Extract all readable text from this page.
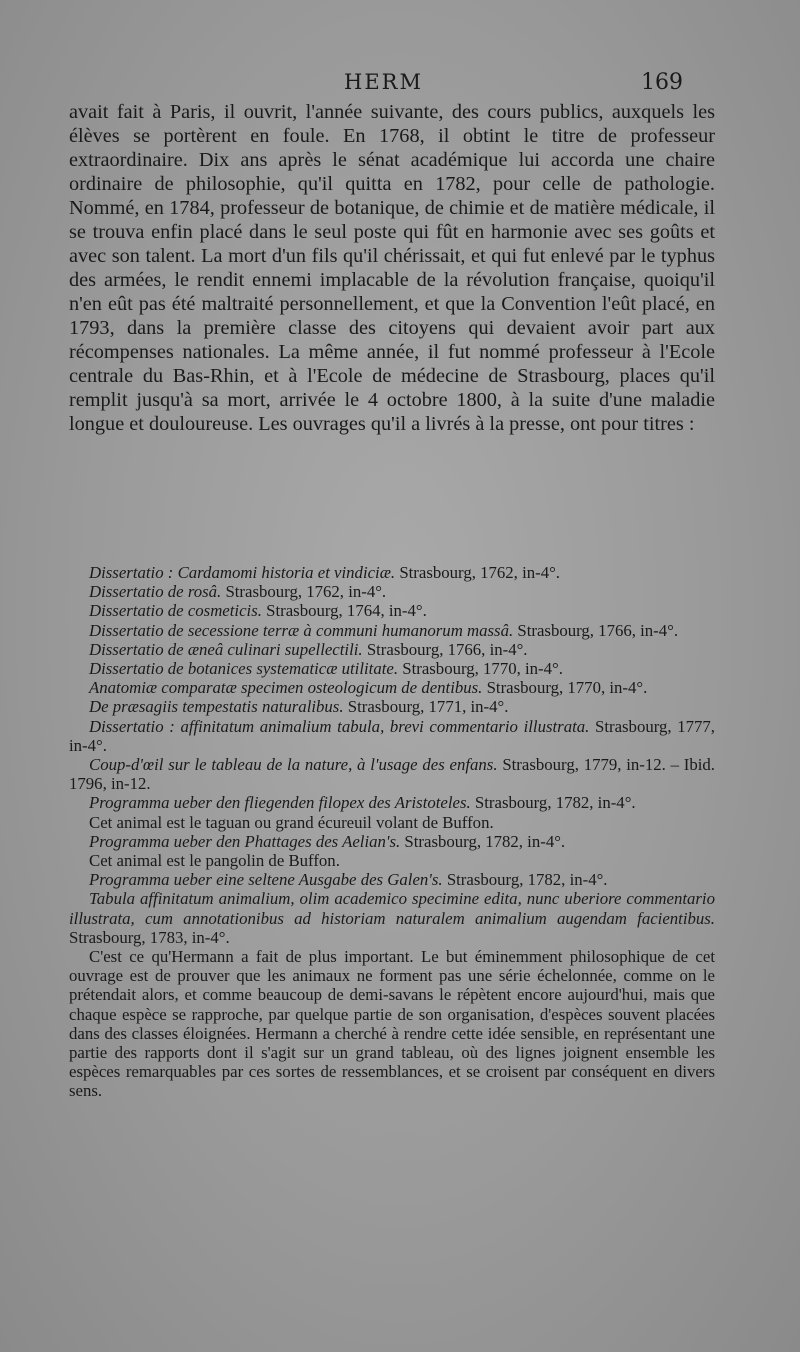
HERM	169

avait fait à Paris, il ouvrit, l'année suivante, des cours publics, auxquels les élèves se portèrent en foule. En 1768, il obtint le titre de professeur extraordinaire. Dix ans après le sénat académique lui accorda une chaire ordinaire de philosophie, qu'il quitta en 1782, pour celle de pathologie. Nommé, en 1784, professeur de botanique, de chimie et de matière médicale, il se trouva enfin placé dans le seul poste qui fût en harmonie avec ses goûts et avec son talent. La mort d'un fils qu'il chérissait, et qui fut enlevé par le typhus des armées, le rendit ennemi implacable de la révolution française, quoiqu'il n'en eût pas été maltraité personnellement, et que la Convention l'eût placé, en 1793, dans la première classe des citoyens qui devaient avoir part aux récompenses nationales. La même année, il fut nommé professeur à l'Ecole centrale du Bas-Rhin, et à l'Ecole de médecine de Strasbourg, places qu'il remplit jusqu'à sa mort, arrivée le 4 octobre 1800, à la suite d'une maladie longue et douloureuse. Les ouvrages qu'il a livrés à la presse, ont pour titres :

Dissertatio : Cardamomi historia et vindiciæ. Strasbourg, 1762, in-4°.

Dissertatio de rosâ. Strasbourg, 1762, in-4°.

Dissertatio de cosmeticis. Strasbourg, 1764, in-4°.

Dissertatio de secessione terræ à communi humanorum massâ. Strasbourg, 1766, in-4°.

Dissertatio de æneâ culinari supellectili. Strasbourg, 1766, in-4°.

Dissertatio de botanices systematicæ utilitate. Strasbourg, 1770, in-4°.

Anatomiæ comparatæ specimen osteologicum de dentibus. Strasbourg, 1770, in-4°.

De præsagiis tempestatis naturalibus. Strasbourg, 1771, in-4°.

Dissertatio : affinitatum animalium tabula, brevi commentario illustrata. Strasbourg, 1777, in-4°.

Coup-d'œil sur le tableau de la nature, à l'usage des enfans. Strasbourg, 1779, in-12. – Ibid. 1796, in-12.

Programma ueber den fliegenden filopex des Aristoteles. Strasbourg, 1782, in-4°.

Cet animal est le taguan ou grand écureuil volant de Buffon.

Programma ueber den Phattages des Aelian's. Strasbourg, 1782, in-4°.

Cet animal est le pangolin de Buffon.

Programma ueber eine seltene Ausgabe des Galen's. Strasbourg, 1782, in-4°.

Tabula affinitatum animalium, olim academico specimine edita, nunc uberiore commentario illustrata, cum annotationibus ad historiam naturalem animalium augendam facientibus. Strasbourg, 1783, in-4°.

C'est ce qu'Hermann a fait de plus important. Le but éminemment philosophique de cet ouvrage est de prouver que les animaux ne forment pas une série échelonnée, comme on le prétendait alors, et comme beaucoup de demi-savans le répètent encore aujourd'hui, mais que chaque espèce se rapproche, par quelque partie de son organisation, d'espèces souvent placées dans des classes éloignées. Hermann a cherché à rendre cette idée sensible, en représentant une partie des rapports dont il s'agit sur un grand tableau, où des lignes joignent ensemble les espèces remarquables par ces sortes de ressemblances, et se croisent par conséquent en divers sens.
